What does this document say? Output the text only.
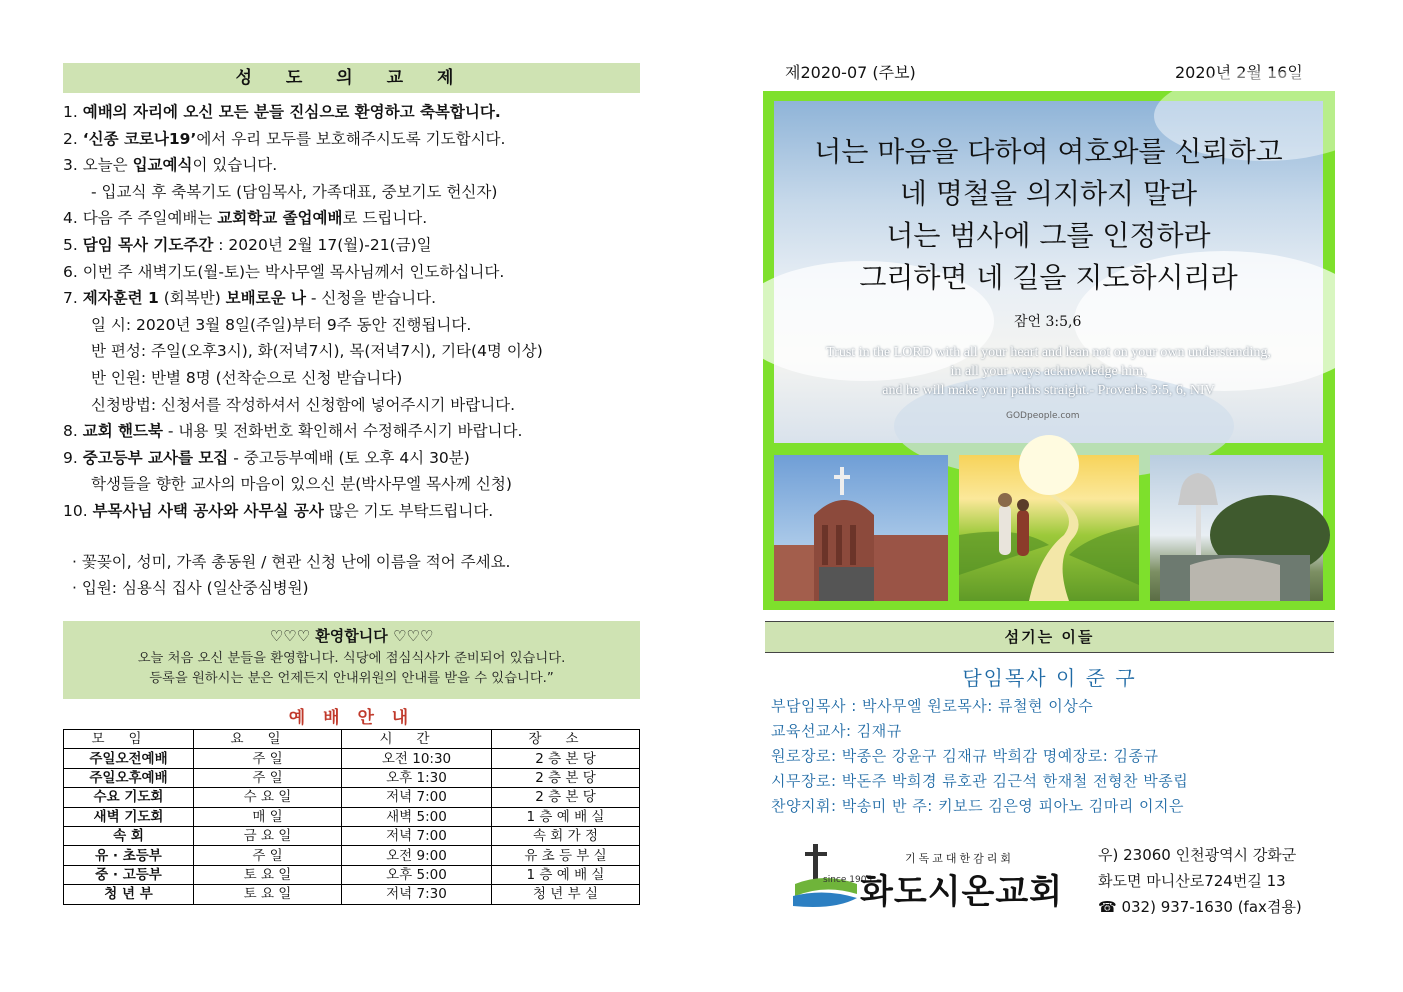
성 도 의 교 제
1. 예배의 자리에 오신 모든 분들 진심으로 환영하고 축복합니다.
2. ‘신종 코로나19’에서 우리 모두를 보호해주시도록 기도합시다.
3. 오늘은 입교예식이 있습니다.
- 입교식 후 축복기도 (담임목사, 가족대표, 중보기도 헌신자)
4. 다음 주 주일예배는 교회학교 졸업예배로 드립니다.
5. 담임 목사 기도주간 : 2020년 2월 17(월)-21(금)일
6. 이번 주 새벽기도(월-토)는 박사무엘 목사님께서 인도하십니다.
7. 제자훈련 1 (회복반) 보배로운 나 - 신청을 받습니다.
일 시: 2020년 3월 8일(주일)부터 9주 동안 진행됩니다.
반 편성: 주일(오후3시), 화(저녁7시), 목(저녁7시), 기타(4명 이상)
반 인원: 반별 8명 (선착순으로 신청 받습니다)
신청방법: 신청서를 작성하셔서 신청함에 넣어주시기 바랍니다.
8. 교회 핸드북 - 내용 및 전화번호 확인해서 수정해주시기 바랍니다.
9. 중고등부 교사를 모집 - 중고등부예배 (토 오후 4시 30분)
학생들을 향한 교사의 마음이 있으신 분(박사무엘 목사께 신청)
10. 부목사님 사택 공사와 사무실 공사 많은 기도 부탁드립니다.
· 꽃꽂이, 성미, 가족 총동원 / 현관 신청 난에 이름을 적어 주세요.
· 입원: 심용식 집사 (일산중심병원)
♡♡♡ 환영합니다 ♡♡♡
오늘 처음 오신 분들을 환영합니다. 식당에 점심식사가 준비되어 있습니다.
등록을 원하시는 분은 언제든지 안내위원의 안내를 받을 수 있습니다.”
예 배 안 내
모임	요일	시간	장소
주일오전예배	주 일	오전 10:30	2 층 본 당
주일오후예배	주 일	오후 1:30	2 층 본 당
수요 기도회	수 요 일	저녁 7:00	2 층 본 당
새벽 기도회	매 일	새벽 5:00	1 층 예 배 실
속 회	금 요 일	저녁 7:00	속 회 가 정
유 · 초등부	주 일	오전 9:00	유 초 등 부 실
중 · 고등부	토 요 일	오후 5:00	1 층 예 배 실
청 년 부	토 요 일	저녁 7:30	청 년 부 실
제2020-07 (주보)	2020년 2월 16일
너는 마음을 다하여 여호와를 신뢰하고
네 명철을 의지하지 말라
너는 범사에 그를 인정하라
그리하면 네 길을 지도하시리라
잠언 3:5,6
Trust in the LORD with all your heart and lean not on your own understanding,
in all your ways acknowledge him,
and he will make your paths straight.- Proverbs 3:5, 6, NIV
GODpeople.com
섬기는 이들
담임목사 이 준 구
부담임목사 : 박사무엘 원로목사: 류철현 이상수
교육선교사: 김재규
원로장로: 박종은 강윤구 김재규 박희감 명예장로: 김종규
시무장로: 박돈주 박희경 류호관 김근석 한재철 전형찬 박종립
찬양지휘: 박송미 반 주: 키보드 김은영 피아노 김마리 이지은
since 1905
기독교대한감리회
화도시온교회
우) 23060 인천광역시 강화군
화도면 마니산로724번길 13
☎ 032) 937-1630 (fax겸용)
